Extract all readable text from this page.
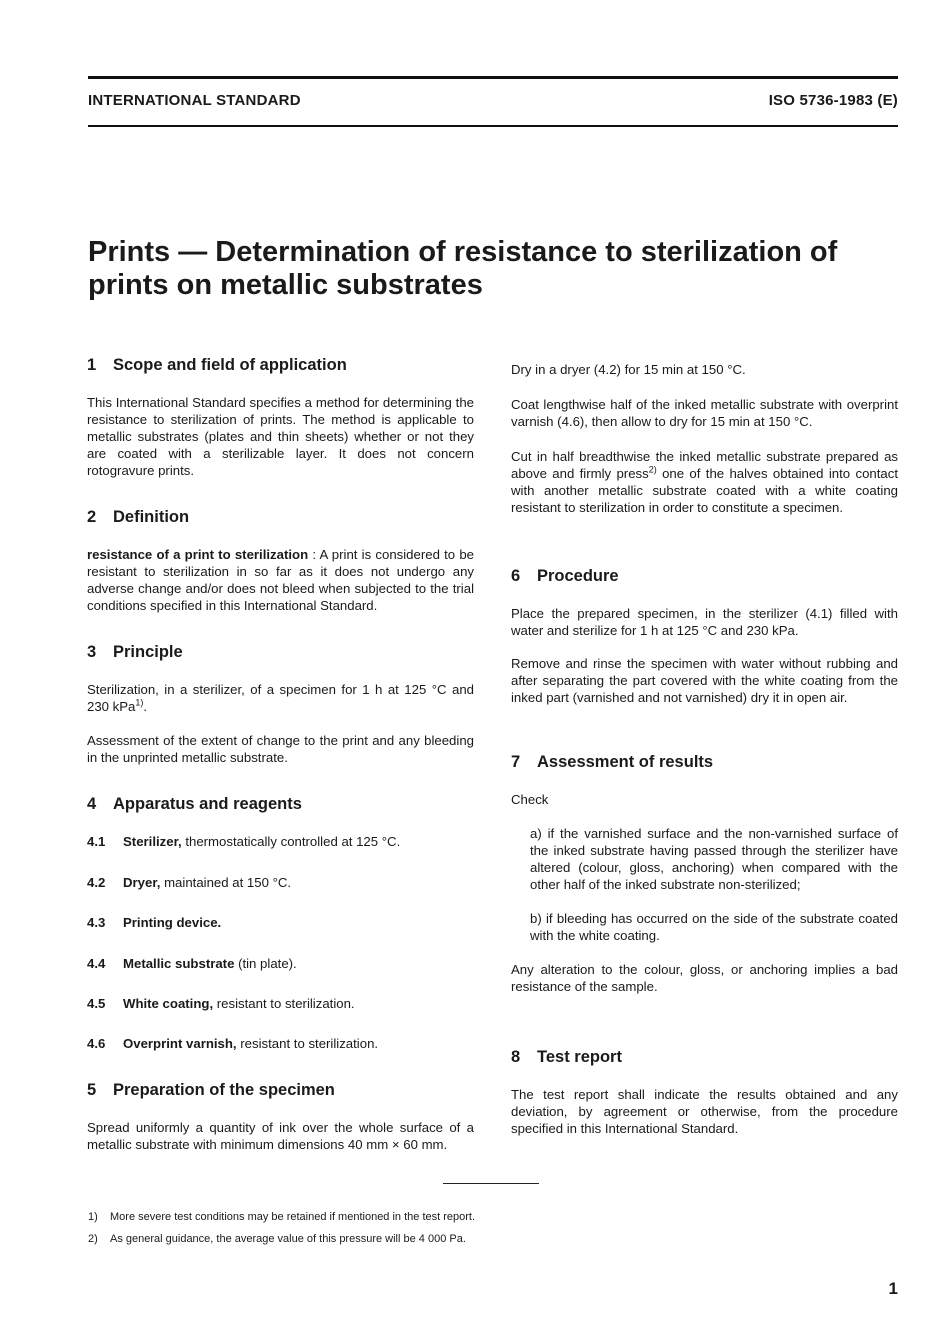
INTERNATIONAL STANDARD	ISO 5736-1983 (E)
Prints — Determination of resistance to sterilization of prints on metallic substrates
1	Scope and field of application

This International Standard specifies a method for determining the resistance to sterilization of prints. The method is applicable to metallic substrates (plates and thin sheets) whether or not they are coated with a sterilizable layer. It does not concern rotogravure prints.

2	Definition

resistance of a print to sterilization : A print is considered to be resistant to sterilization in so far as it does not undergo any adverse change and/or does not bleed when subjected to the trial conditions specified in this International Standard.

3	Principle

Sterilization, in a sterilizer, of a specimen for 1 h at 125 °C and 230 kPa$^{1)}$.

Assessment of the extent of change to the print and any bleeding in the unprinted metallic substrate.

4	Apparatus and reagents
4.1	Sterilizer, thermostatically controlled at 125 °C.
4.2	Dryer, maintained at 150 °C.
4.3	Printing device.
4.4	Metallic substrate (tin plate).
4.5	White coating, resistant to sterilization.
4.6	Overprint varnish, resistant to sterilization.
5	Preparation of the specimen

Spread uniformly a quantity of ink over the whole surface of a metallic substrate with minimum dimensions 40 mm × 60 mm.

Dry in a dryer (4.2) for 15 min at 150 °C.

Coat lengthwise half of the inked metallic substrate with overprint varnish (4.6), then allow to dry for 15 min at 150 °C.

Cut in half breadthwise the inked metallic substrate prepared as above and firmly press$^{2)}$ one of the halves obtained into contact with another metallic substrate coated with a white coating resistant to sterilization in order to constitute a specimen.

6	Procedure

Place the prepared specimen, in the sterilizer (4.1) filled with water and sterilize for 1 h at 125 °C and 230 kPa.

Remove and rinse the specimen with water without rubbing and after separating the part covered with the white coating from the inked part (varnished and not varnished) dry it in open air.

7	Assessment of results

Check

a) if the varnished surface and the non-varnished surface of the inked substrate having passed through the sterilizer have altered (colour, gloss, anchoring) when compared with the other half of the inked substrate non-sterilized;

b) if bleeding has occurred on the side of the substrate coated with the white coating.

Any alteration to the colour, gloss, or anchoring implies a bad resistance of the sample.

8	Test report

The test report shall indicate the results obtained and any deviation, by agreement or otherwise, from the procedure specified in this International Standard.

1)	More severe test conditions may be retained if mentioned in the test report.
2)	As general guidance, the average value of this pressure will be 4 000 Pa.
1
